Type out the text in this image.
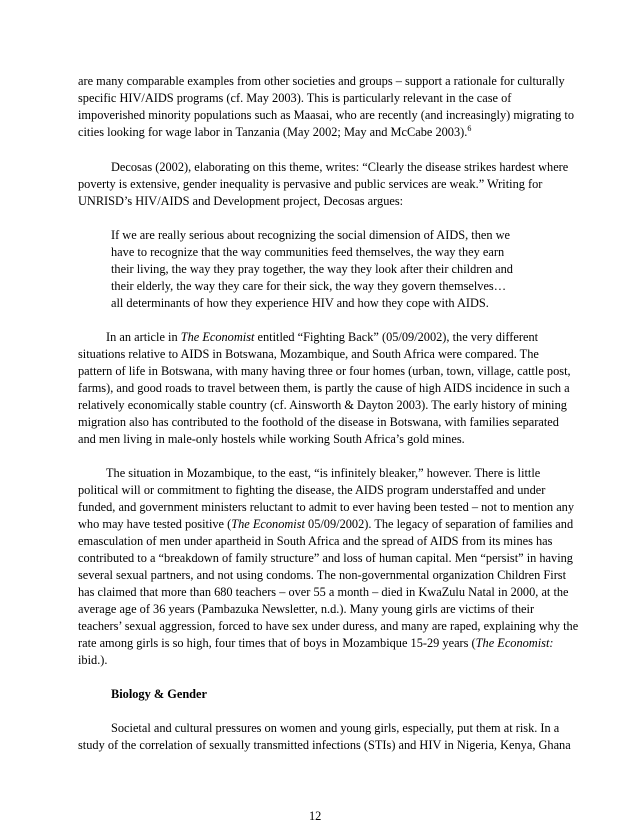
are many comparable examples from other societies and groups – support a rationale for culturally
specific HIV/AIDS programs (cf. May 2003). This is particularly relevant in the case of
impoverished minority populations such as Maasai, who are recently (and increasingly) migrating to
cities looking for wage labor in Tanzania (May 2002; May and McCabe 2003).$^6$
Decosas (2002), elaborating on this theme, writes: “Clearly the disease strikes hardest where
poverty is extensive, gender inequality is pervasive and public services are weak.” Writing for
UNRISD’s HIV/AIDS and Development project, Decosas argues:
If we are really serious about recognizing the social dimension of AIDS, then we
have to recognize that the way communities feed themselves, the way they earn
their living, the way they pray together, the way they look after their children and
their elderly, the way they care for their sick, the way they govern themselves…
all determinants of how they experience HIV and how they cope with AIDS.
In an article in The Economist entitled “Fighting Back” (05/09/2002), the very different
situations relative to AIDS in Botswana, Mozambique, and South Africa were compared. The
pattern of life in Botswana, with many having three or four homes (urban, town, village, cattle post,
farms), and good roads to travel between them, is partly the cause of high AIDS incidence in such a
relatively economically stable country (cf. Ainsworth & Dayton 2003). The early history of mining
migration also has contributed to the foothold of the disease in Botswana, with families separated
and men living in male-only hostels while working South Africa’s gold mines.
The situation in Mozambique, to the east, “is infinitely bleaker,” however. There is little
political will or commitment to fighting the disease, the AIDS program understaffed and under
funded, and government ministers reluctant to admit to ever having been tested – not to mention any
who may have tested positive (The Economist 05/09/2002). The legacy of separation of families and
emasculation of men under apartheid in South Africa and the spread of AIDS from its mines has
contributed to a “breakdown of family structure” and loss of human capital. Men “persist” in having
several sexual partners, and not using condoms. The non-governmental organization Children First
has claimed that more than 680 teachers – over 55 a month – died in KwaZulu Natal in 2000, at the
average age of 36 years (Pambazuka Newsletter, n.d.). Many young girls are victims of their
teachers’ sexual aggression, forced to have sex under duress, and many are raped, explaining why the
rate among girls is so high, four times that of boys in Mozambique 15-29 years (The Economist:
ibid.).
Biology & Gender
Societal and cultural pressures on women and young girls, especially, put them at risk. In a
study of the correlation of sexually transmitted infections (STIs) and HIV in Nigeria, Kenya, Ghana
12
